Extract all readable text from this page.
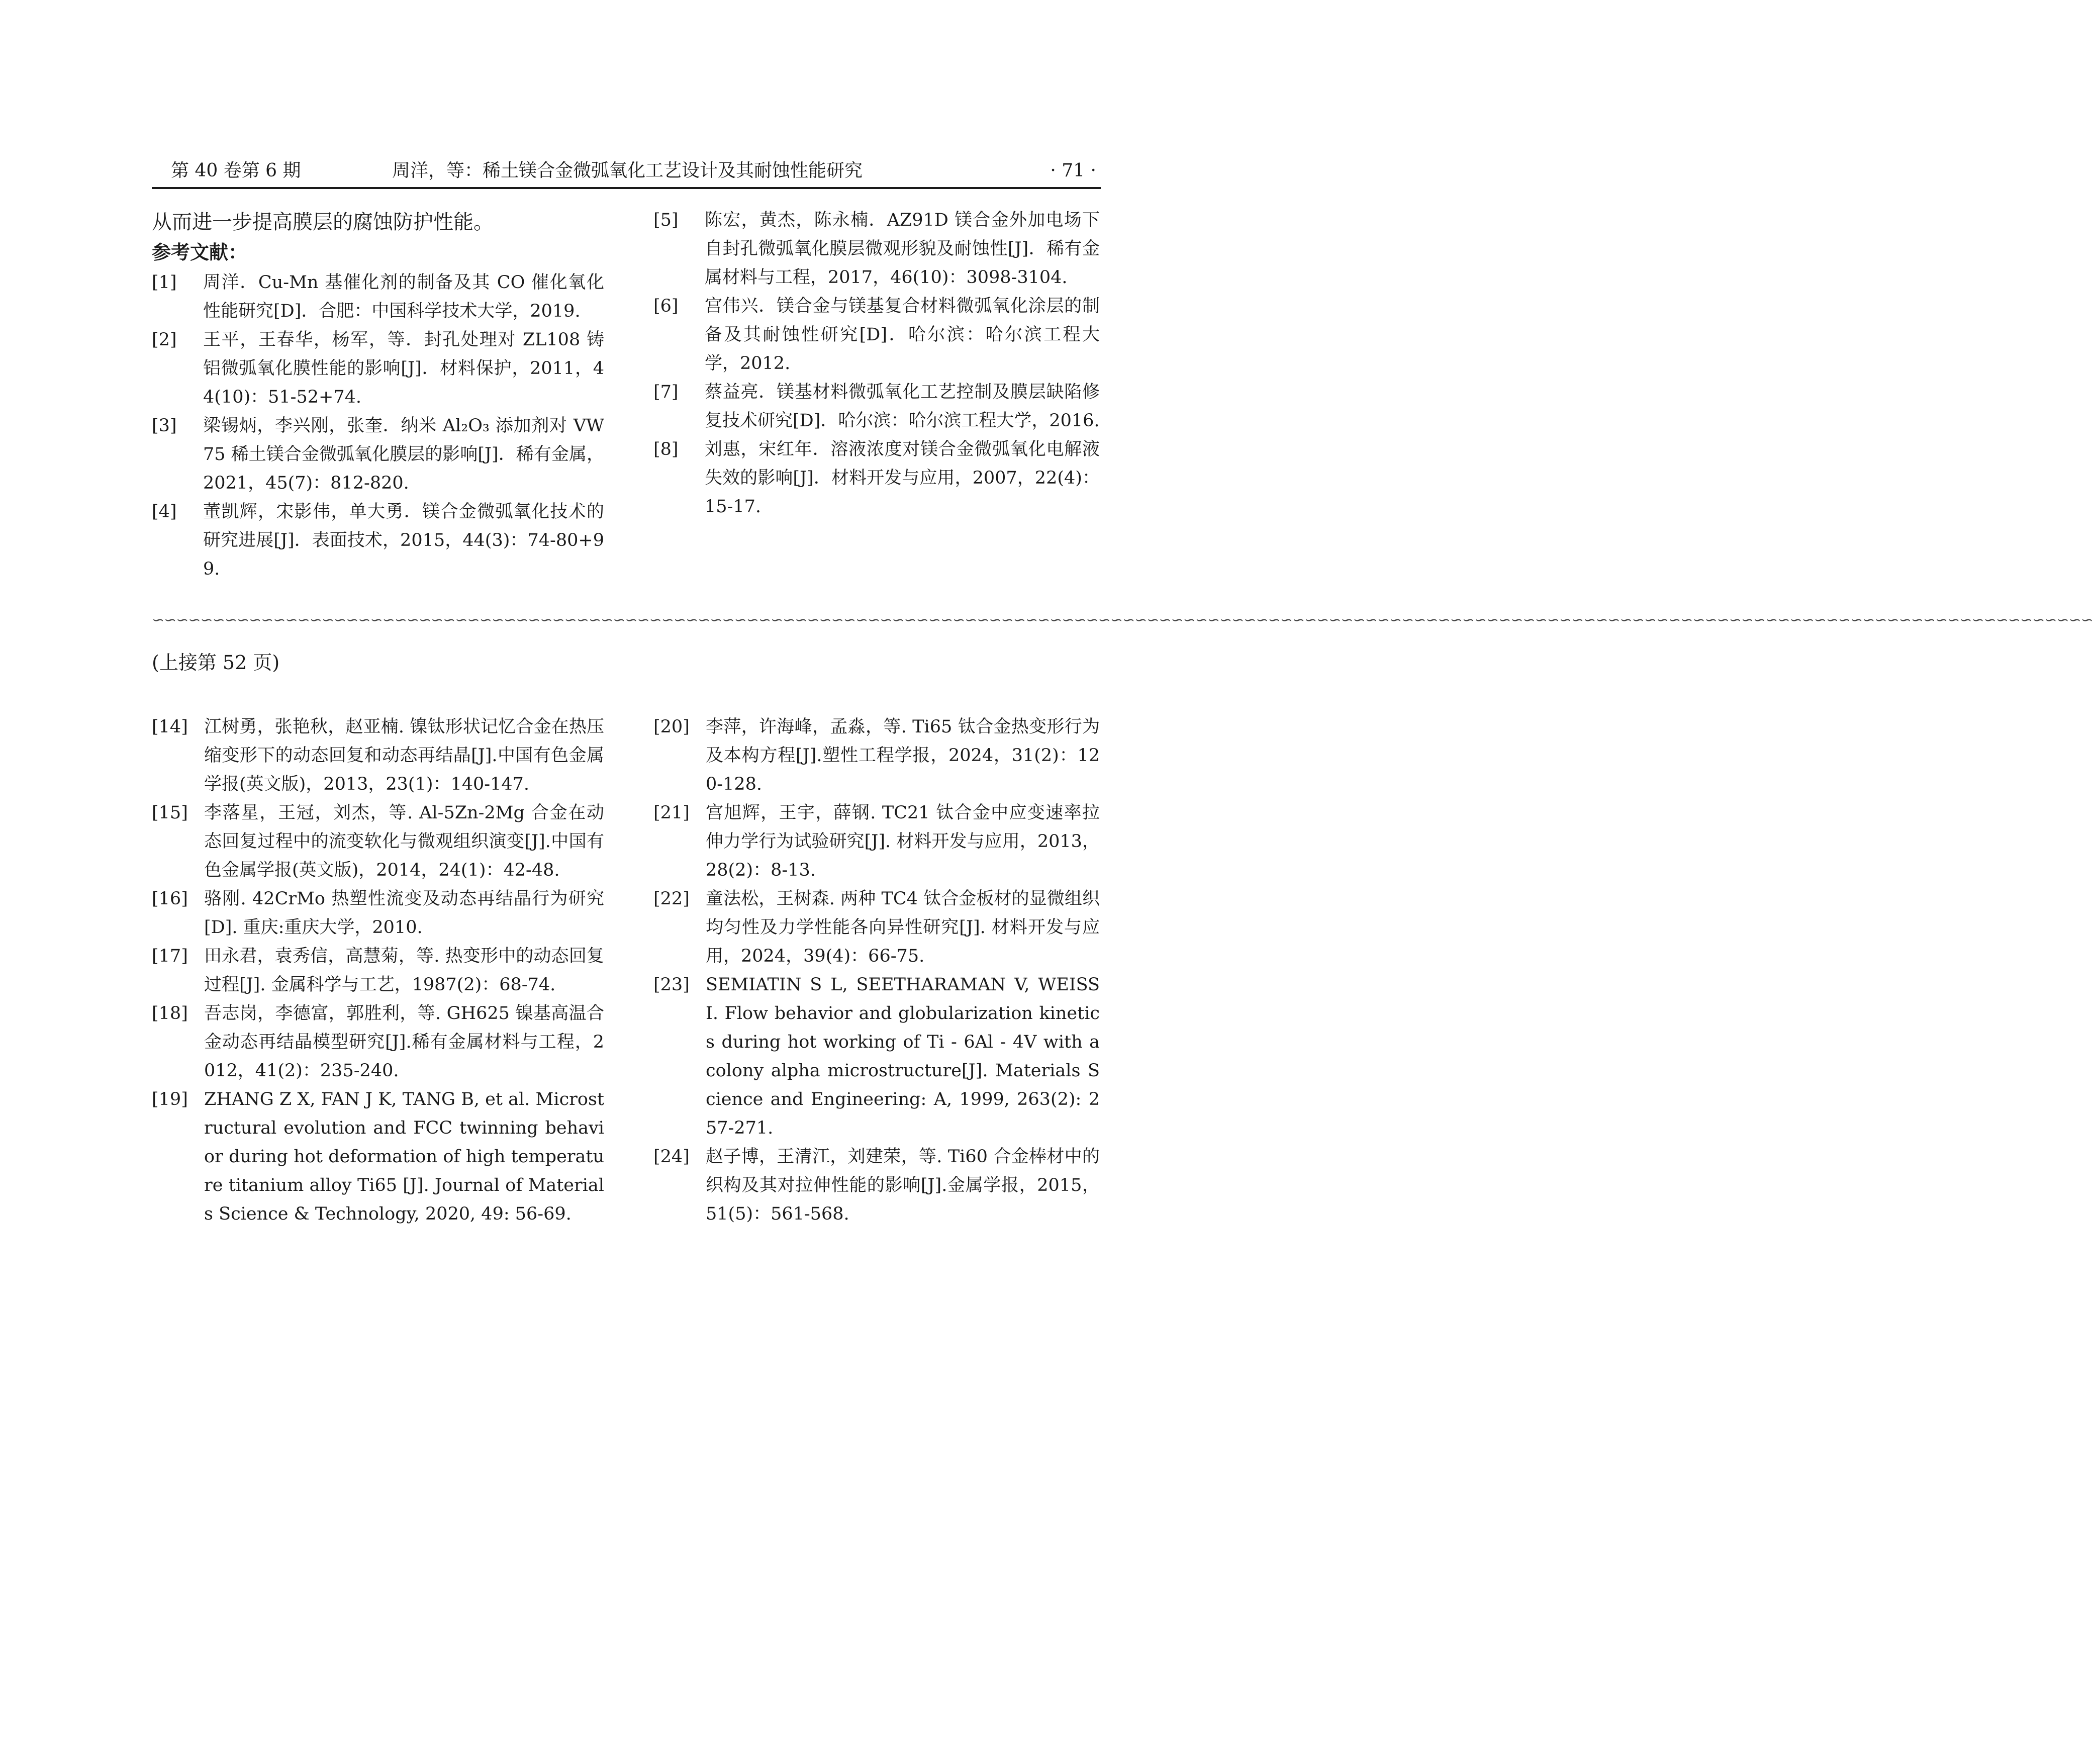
第 40 卷第 6 期	周洋，等：稀土镁合金微弧氧化工艺设计及其耐蚀性能研究	· 71 ·

从而进一步提高膜层的腐蚀防护性能。

参考文献：

[1]	周洋．Cu-Mn 基催化剂的制备及其 CO 催化氧化性能研究[D]．合肥：中国科学技术大学，2019.
[2]	王平，王春华，杨军，等．封孔处理对 ZL108 铸铝微弧氧化膜性能的影响[J]．材料保护，2011，44(10)：51-52+74.
[3]	梁锡炳，李兴刚，张奎．纳米 Al₂O₃ 添加剂对 VW75 稀土镁合金微弧氧化膜层的影响[J]．稀有金属，2021，45(7)：812-820.
[4]	董凯辉，宋影伟，单大勇．镁合金微弧氧化技术的研究进展[J]．表面技术，2015，44(3)：74-80+99.
[5]	陈宏，黄杰，陈永楠．AZ91D 镁合金外加电场下自封孔微弧氧化膜层微观形貌及耐蚀性[J]．稀有金属材料与工程，2017，46(10)：3098-3104.
[6]	宫伟兴．镁合金与镁基复合材料微弧氧化涂层的制备及其耐蚀性研究[D]．哈尔滨：哈尔滨工程大学，2012.
[7]	蔡益亮．镁基材料微弧氧化工艺控制及膜层缺陷修复技术研究[D]．哈尔滨：哈尔滨工程大学，2016.
[8]	刘惠，宋红年．溶液浓度对镁合金微弧氧化电解液失效的影响[J]．材料开发与应用，2007，22(4)：15-17.
∽∽∽∽∽∽∽∽∽∽∽∽∽∽∽∽∽∽∽∽∽∽∽∽∽∽∽∽∽∽∽∽∽∽∽∽∽∽∽∽∽∽∽∽∽∽∽∽∽∽∽∽∽∽∽∽∽∽∽∽∽∽∽∽∽∽∽∽∽∽∽∽∽∽∽∽∽∽∽∽∽∽∽∽∽∽∽∽∽∽∽∽∽∽∽∽∽∽∽∽∽∽∽∽∽∽∽∽∽∽∽∽∽∽∽∽∽∽∽∽∽∽∽∽∽∽∽∽∽∽∽∽∽∽∽∽∽∽∽∽∽∽∽∽∽∽∽∽∽∽∽∽∽∽∽∽∽∽∽∽
(上接第 52 页)
[14] 江树勇，张艳秋，赵亚楠. 镍钛形状记忆合金在热压缩变形下的动态回复和动态再结晶[J].中国有色金属学报(英文版)，2013，23(1)：140-147.
[15] 李落星，王冠，刘杰，等. Al-5Zn-2Mg 合金在动态回复过程中的流变软化与微观组织演变[J].中国有色金属学报(英文版)，2014，24(1)：42-48.
[16] 骆刚. 42CrMo 热塑性流变及动态再结晶行为研究[D]. 重庆:重庆大学，2010.
[17] 田永君，袁秀信，高慧菊，等. 热变形中的动态回复过程[J]. 金属科学与工艺，1987(2)：68-74.
[18] 吾志岗，李德富，郭胜利，等. GH625 镍基高温合金动态再结晶模型研究[J].稀有金属材料与工程，2012，41(2)：235-240.
[19] ZHANG Z X, FAN J K, TANG B, et al. Microstructural evolution and FCC twinning behavior during hot deformation of high temperature titanium alloy Ti65 [J]. Journal of Materials Science & Technology, 2020, 49: 56-69.
[20] 李萍，许海峰，孟淼，等. Ti65 钛合金热变形行为及本构方程[J].塑性工程学报，2024，31(2)：120-128.
[21] 宫旭辉，王宇，薛钢. TC21 钛合金中应变速率拉伸力学行为试验研究[J]. 材料开发与应用，2013，28(2)：8-13.
[22] 童法松，王树森. 两种 TC4 钛合金板材的显微组织均匀性及力学性能各向异性研究[J]. 材料开发与应用，2024，39(4)：66-75.
[23] SEMIATIN S L, SEETHARAMAN V, WEISS I. Flow behavior and globularization kinetics during hot working of Ti - 6Al - 4V with a colony alpha microstructure[J]. Materials Science and Engineering: A, 1999, 263(2): 257-271.
[24] 赵子博，王清江，刘建荣，等. Ti60 合金棒材中的织构及其对拉伸性能的影响[J].金属学报，2015，51(5)：561-568.
